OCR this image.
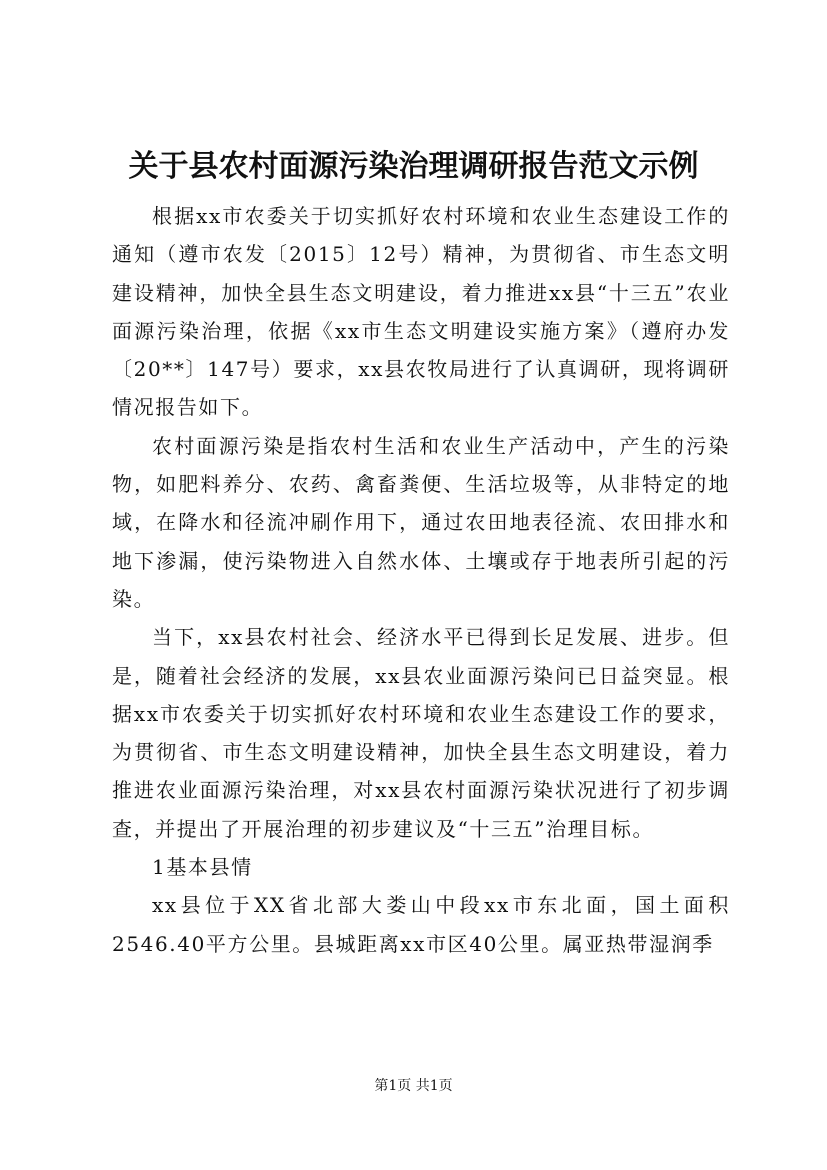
关于县农村面源污染治理调研报告范文示例

根据xx市农委关于切实抓好农村环境和农业生态建设工作的通知（遵市农发〔2015〕12号）精神，为贯彻省、市生态文明建设精神，加快全县生态文明建设，着力推进xx县“十三五”农业面源污染治理，依据《xx市生态文明建设实施方案》（遵府办发〔20**〕147号）要求，xx县农牧局进行了认真调研，现将调研情况报告如下。

农村面源污染是指农村生活和农业生产活动中，产生的污染物，如肥料养分、农药、禽畜粪便、生活垃圾等，从非特定的地域，在降水和径流冲刷作用下，通过农田地表径流、农田排水和地下渗漏，使污染物进入自然水体、土壤或存于地表所引起的污染。

当下，xx县农村社会、经济水平已得到长足发展、进步。但是，随着社会经济的发展，xx县农业面源污染问已日益突显。根据xx市农委关于切实抓好农村环境和农业生态建设工作的要求，为贯彻省、市生态文明建设精神，加快全县生态文明建设，着力推进农业面源污染治理，对xx县农村面源污染状况进行了初步调查，并提出了开展治理的初步建议及“十三五”治理目标。

1基本县情

xx县位于XX省北部大娄山中段xx市东北面，国土面积2546.40平方公里。县城距离xx市区40公里。属亚热带湿润季

第1页 共1页
